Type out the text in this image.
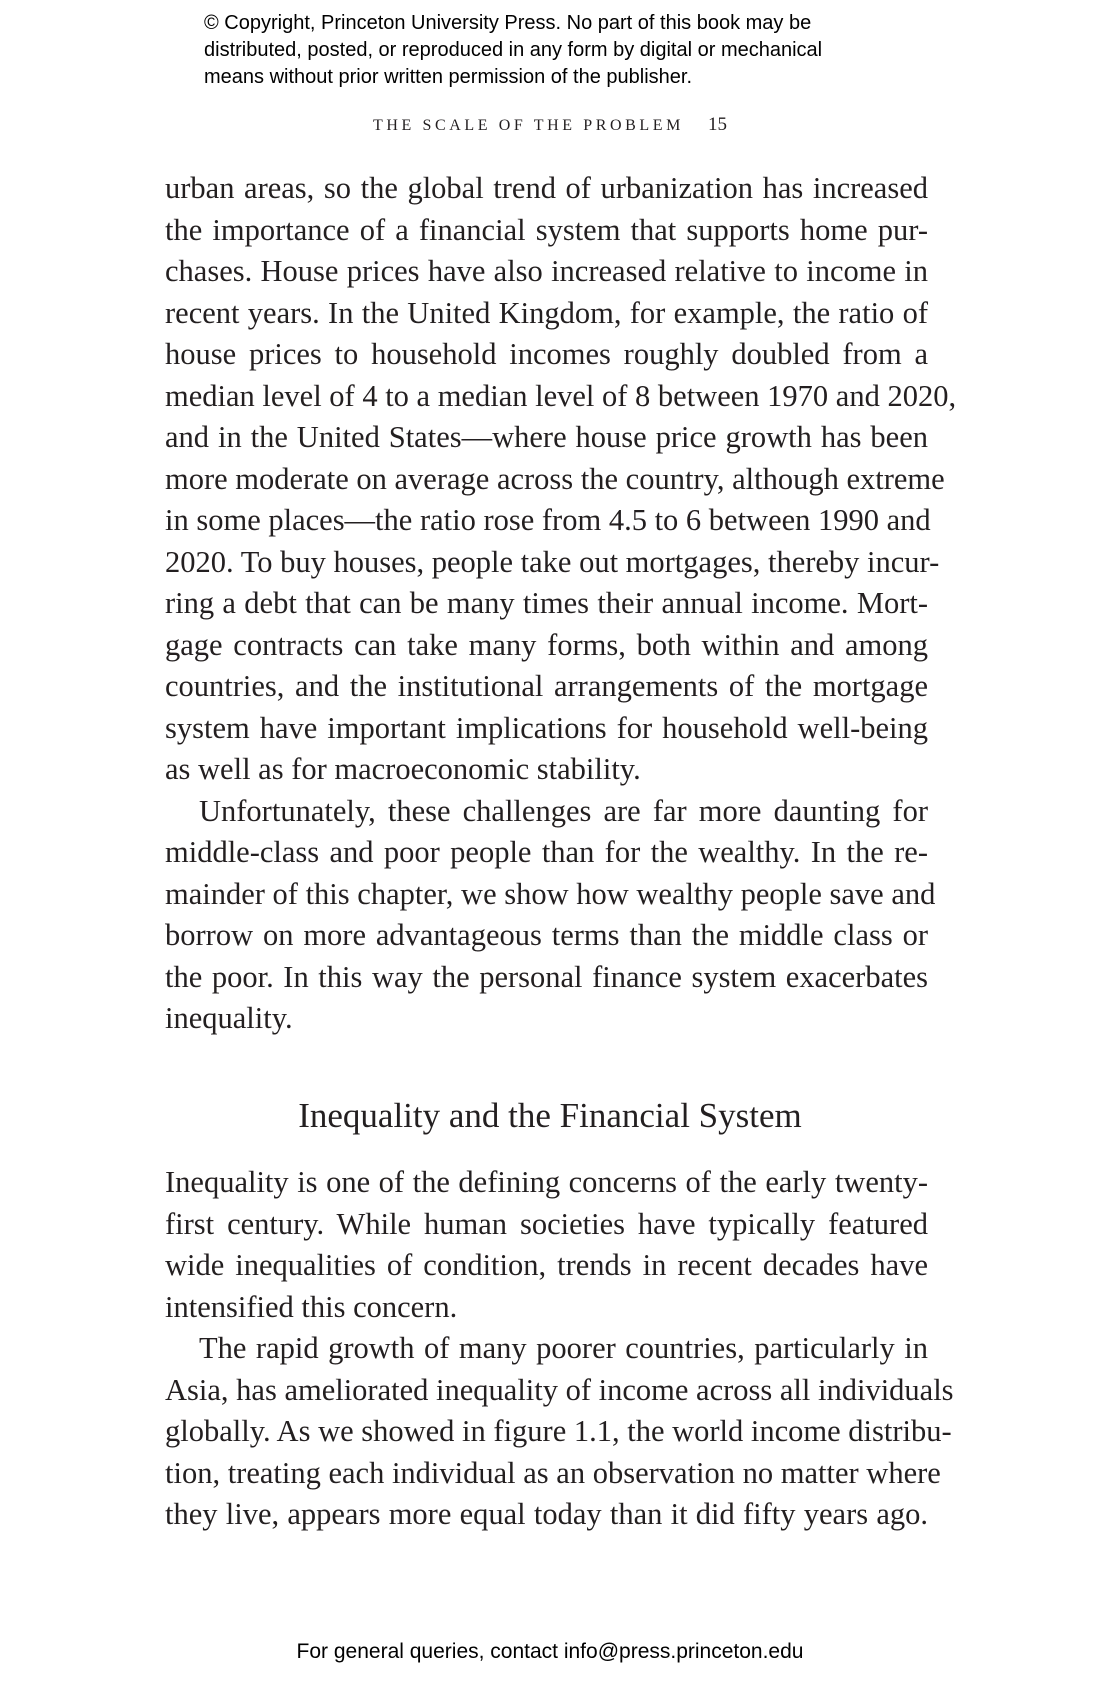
© Copyright, Princeton University Press. No part of this book may be
distributed, posted, or reproduced in any form by digital or mechanical
means without prior written permission of the publisher.
THE SCALE OF THE PROBLEM 15
urban areas, so the global trend of urbanization has increased
the importance of a financial system that supports home pur-
chases. House prices have also increased relative to income in
recent years. In the United Kingdom, for example, the ratio of
house prices to household incomes roughly doubled from a
median level of 4 to a median level of 8 between 1970 and 2020,
and in the United States—where house price growth has been
more moderate on average across the country, although extreme
in some places—the ratio rose from 4.5 to 6 between 1990 and
2020. To buy houses, people take out mortgages, thereby incur-
ring a debt that can be many times their annual income. Mort-
gage contracts can take many forms, both within and among
countries, and the institutional arrangements of the mortgage
system have important implications for household well-being
as well as for macroeconomic stability.
Unfortunately, these challenges are far more daunting for
middle-class and poor people than for the wealthy. In the re-
mainder of this chapter, we show how wealthy people save and
borrow on more advantageous terms than the middle class or
the poor. In this way the personal finance system exacerbates
inequality.
Inequality and the Financial System
Inequality is one of the defining concerns of the early twenty-
first century. While human societies have typically featured
wide inequalities of condition, trends in recent decades have
intensified this concern.
The rapid growth of many poorer countries, particularly in
Asia, has ameliorated inequality of income across all individuals
globally. As we showed in figure 1.1, the world income distribu-
tion, treating each individual as an observation no matter where
they live, appears more equal today than it did fifty years ago.
For general queries, contact info@press.princeton.edu
